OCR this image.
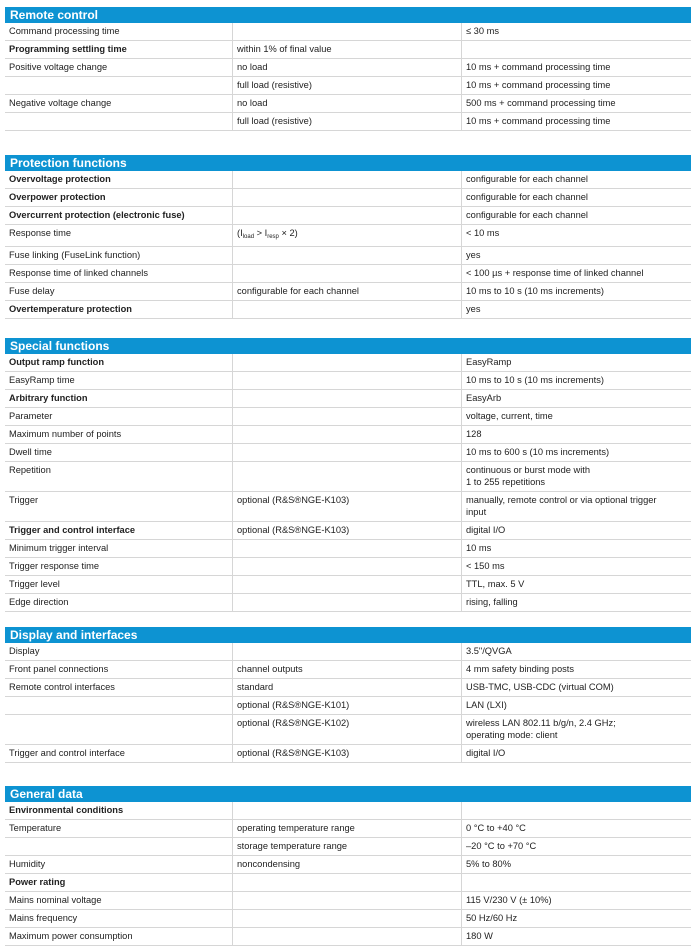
Remote control
Command processing time		≤ 30 ms
Programming settling time	within 1% of final value	
Positive voltage change	no load	10 ms + command processing time
	full load (resistive)	10 ms + command processing time
Negative voltage change	no load	500 ms + command processing time
	full load (resistive)	10 ms + command processing time
Protection functions
Overvoltage protection		configurable for each channel
Overpower protection		configurable for each channel
Overcurrent protection (electronic fuse)		configurable for each channel
Response time	$(I_{load} > I_{resp} \times 2)$	< 10 ms
Fuse linking (FuseLink function)		yes
Response time of linked channels		< 100 µs + response time of linked channel
Fuse delay	configurable for each channel	10 ms to 10 s (10 ms increments)
Overtemperature protection		yes
Special functions
Output ramp function		EasyRamp
EasyRamp time		10 ms to 10 s (10 ms increments)
Arbitrary function		EasyArb
Parameter		voltage, current, time
Maximum number of points		128
Dwell time		10 ms to 600 s (10 ms increments)
Repetition		continuous or burst mode with
1 to 255 repetitions
Trigger	optional (R&S®NGE-K103)	manually, remote control or via optional trigger
input
Trigger and control interface	optional (R&S®NGE-K103)	digital I/O
Minimum trigger interval		10 ms
Trigger response time		< 150 ms
Trigger level		TTL, max. 5 V
Edge direction		rising, falling
Display and interfaces
Display		3.5"/QVGA
Front panel connections	channel outputs	4 mm safety binding posts
Remote control interfaces	standard	USB-TMC, USB-CDC (virtual COM)
	optional (R&S®NGE-K101)	LAN (LXI)
	optional (R&S®NGE-K102)	wireless LAN 802.11 b/g/n, 2.4 GHz;
operating mode: client
Trigger and control interface	optional (R&S®NGE-K103)	digital I/O
General data
Environmental conditions		
Temperature	operating temperature range	0 °C to +40 °C
	storage temperature range	–20 °C to +70 °C
Humidity	noncondensing	5% to 80%
Power rating		
Mains nominal voltage		115 V/230 V (± 10%)
Mains frequency		50 Hz/60 Hz
Maximum power consumption		180 W
